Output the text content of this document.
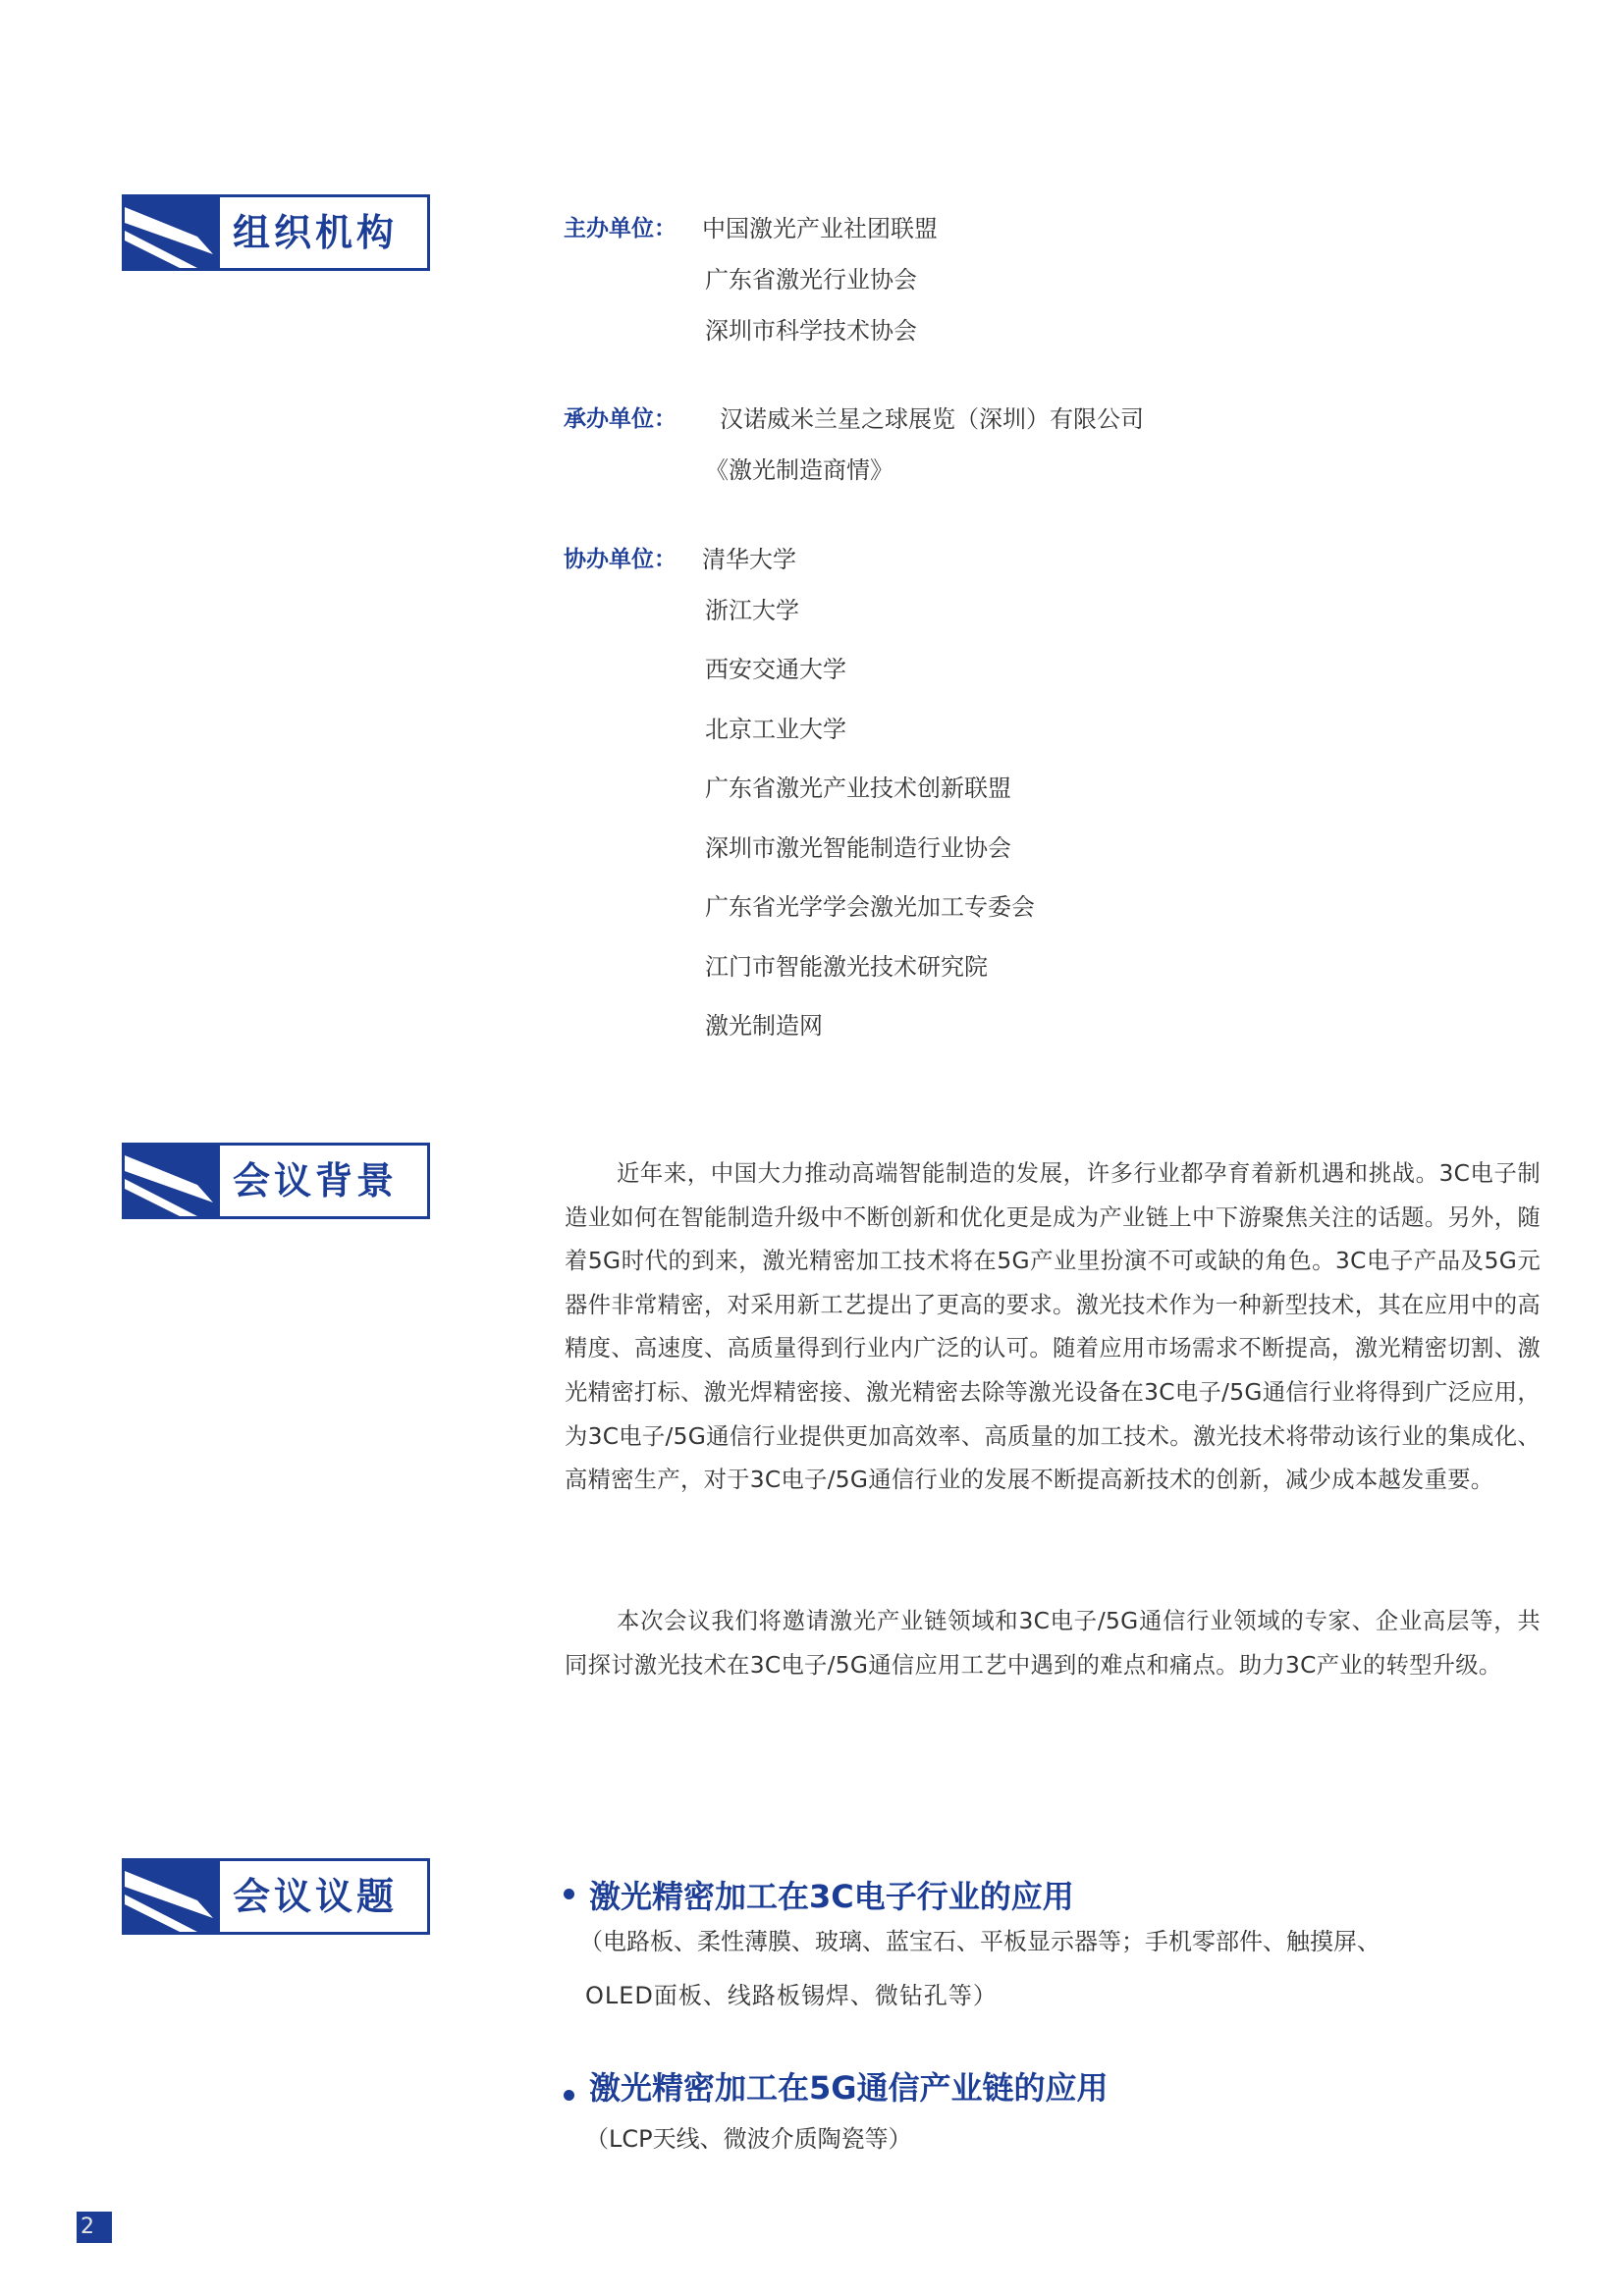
组织机构	主办单位： 中国激光产业社团联盟
广东省激光行业协会
深圳市科学技术协会
承办单位： 汉诺威米兰星之球展览（深圳）有限公司
《激光制造商情》
协办单位： 清华大学
浙江大学
西安交通大学
北京工业大学
广东省激光产业技术创新联盟
深圳市激光智能制造行业协会
广东省光学学会激光加工专委会
江门市智能激光技术研究院
激光制造网
会议背景	近年来，中国大力推动高端智能制造的发展，许多行业都孕育着新机遇和挑战。3C电子制造业如何在智能制造升级中不断创新和优化更是成为产业链上中下游聚焦关注的话题。另外，随着5G时代的到来，激光精密加工技术将在5G产业里扮演不可或缺的角色。3C电子产品及5G元器件非常精密，对采用新工艺提出了更高的要求。激光技术作为一种新型技术，其在应用中的高精度、高速度、高质量得到行业内广泛的认可。随着应用市场需求不断提高，激光精密切割、激光精密打标、激光焊精密接、激光精密去除等激光设备在3C电子/5G通信行业将得到广泛应用，为3C电子/5G通信行业提供更加高效率、高质量的加工技术。激光技术将带动该行业的集成化、高精密生产，对于3C电子/5G通信行业的发展不断提高新技术的创新，减少成本越发重要。

本次会议我们将邀请激光产业链领域和3C电子/5G通信行业领域的专家、企业高层等，共同探讨激光技术在3C电子/5G通信应用工艺中遇到的难点和痛点。助力3C产业的转型升级。

会议议题	激光精密加工在3C电子行业的应用
（电路板、柔性薄膜、玻璃、蓝宝石、平板显示器等；手机零部件、触摸屏、
OLED面板、线路板锡焊、微钻孔等）
激光精密加工在5G通信产业链的应用
（LCP天线、微波介质陶瓷等）
2
